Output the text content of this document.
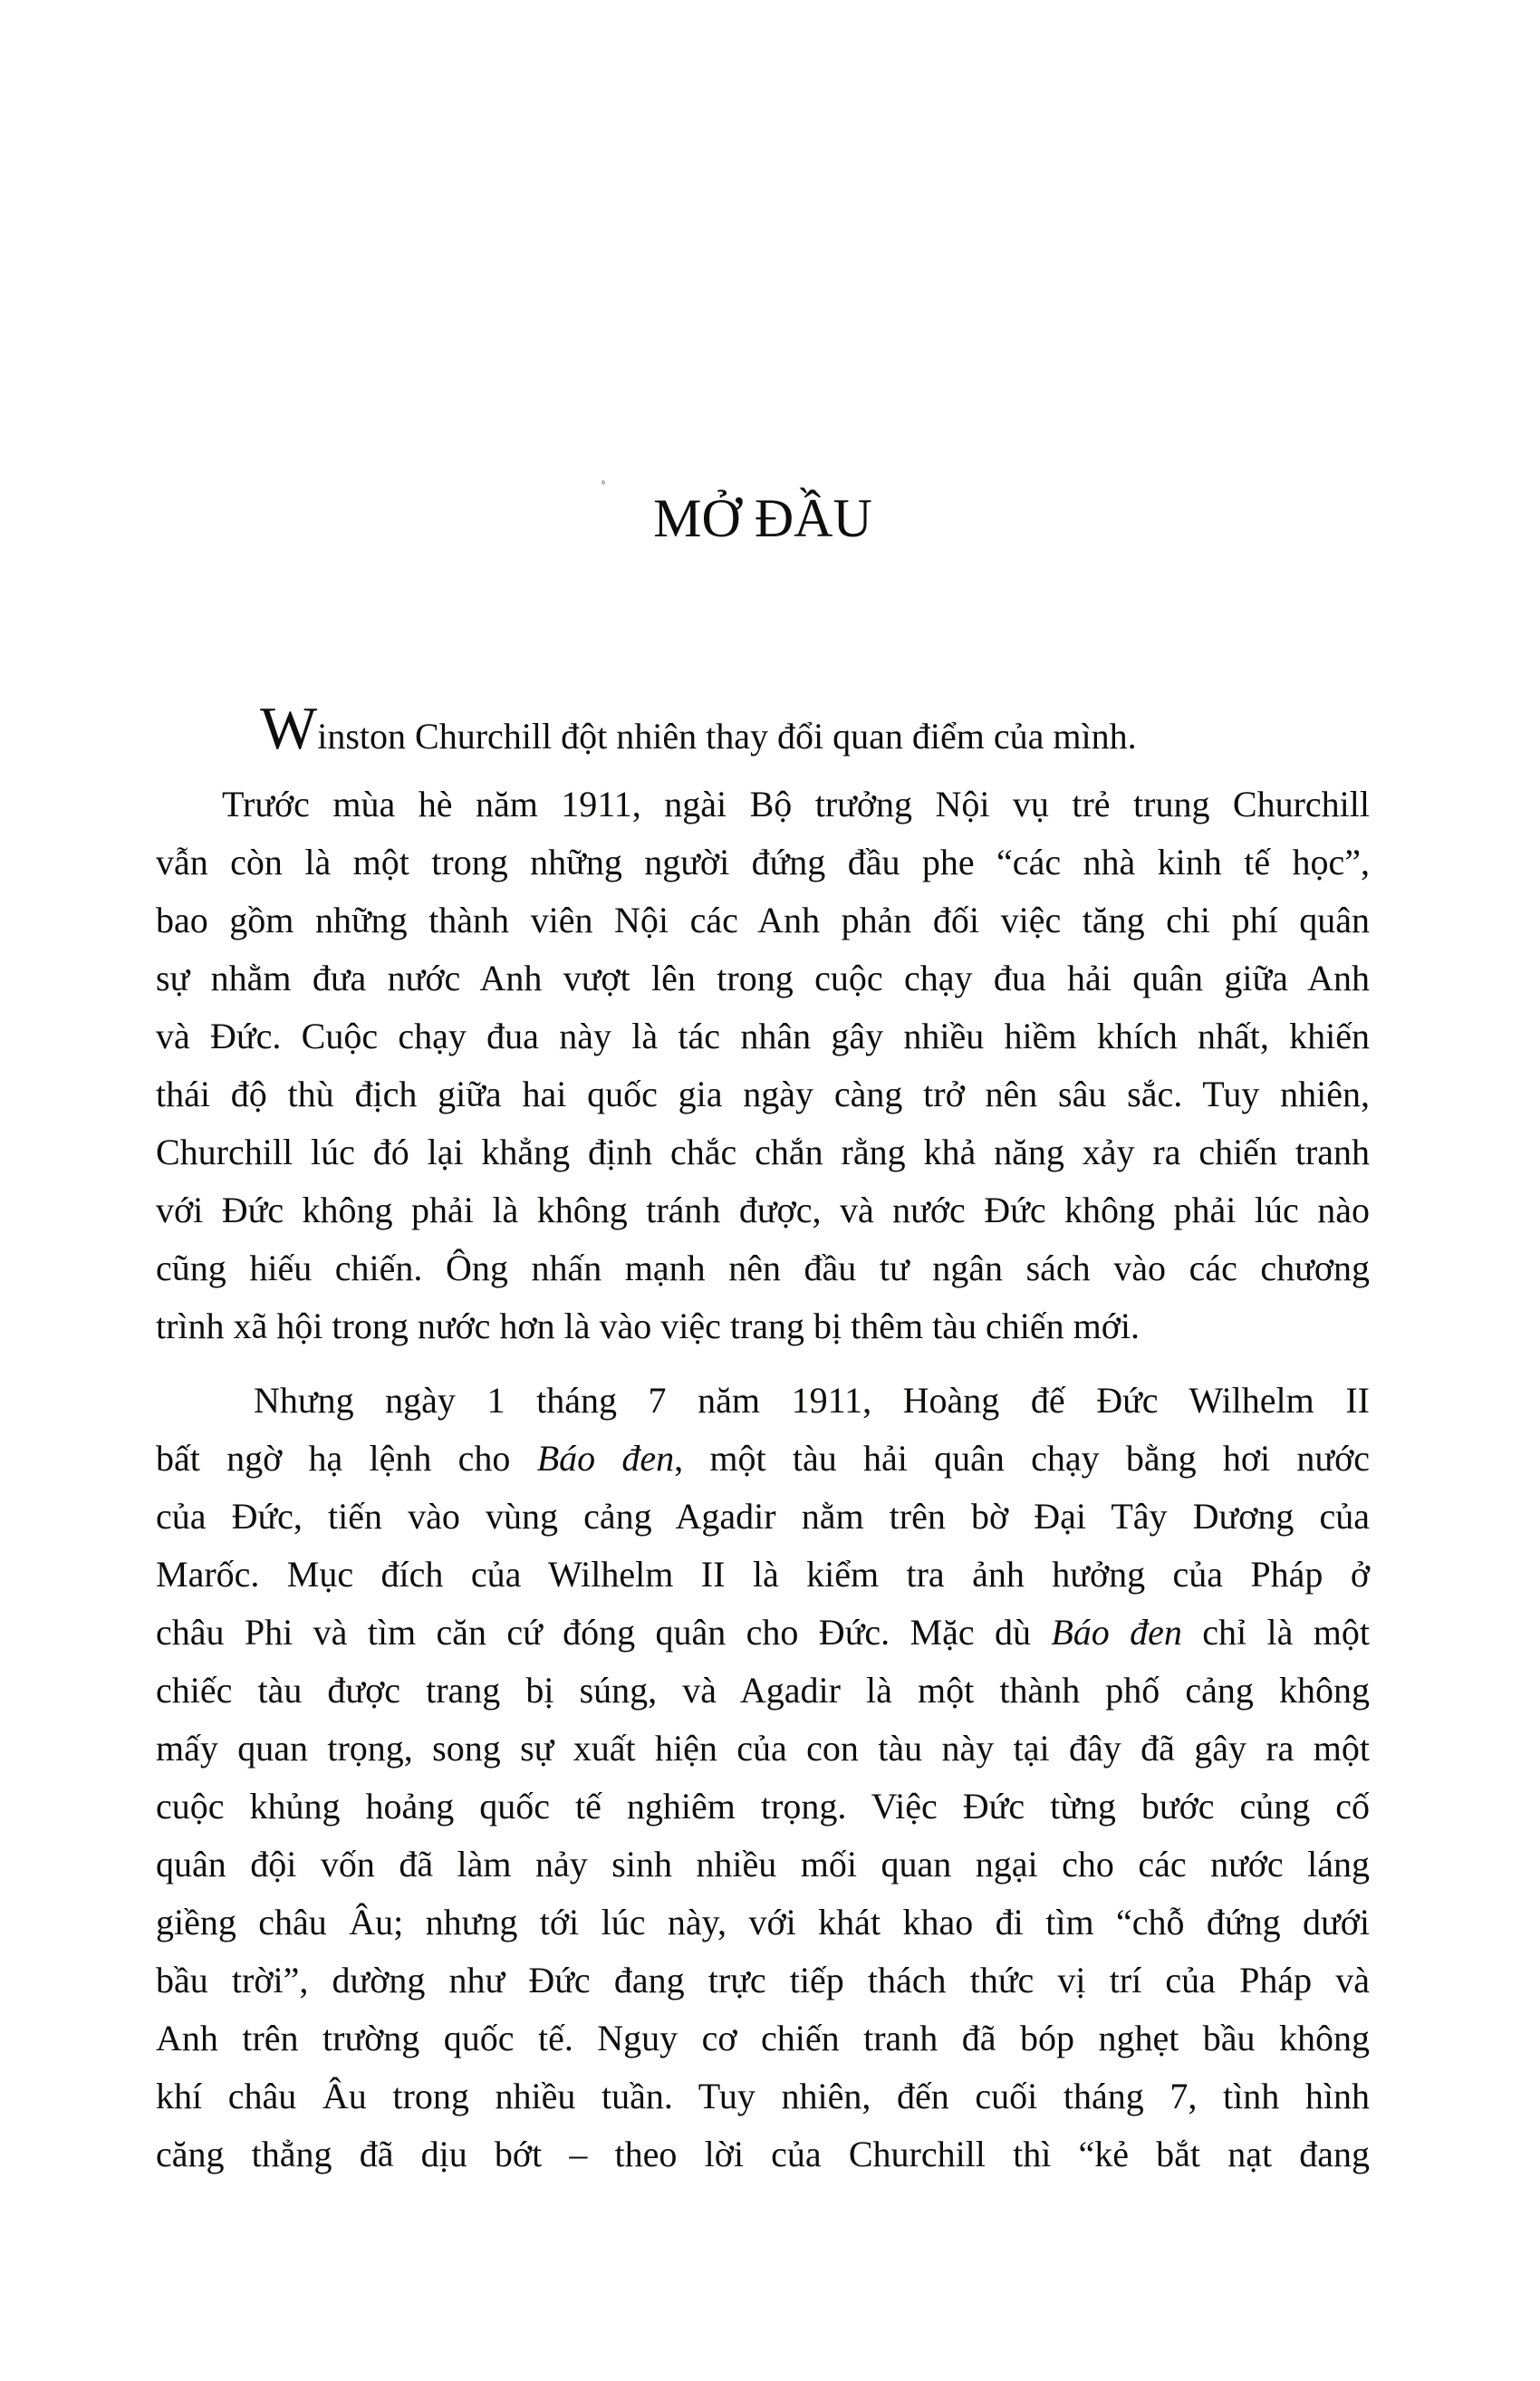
MỞ ĐẦU
Winston Churchill đột nhiên thay đổi quan điểm của mình.
Trước mùa hè năm 1911, ngài Bộ trưởng Nội vụ trẻ trung Churchill
vẫn còn là một trong những người đứng đầu phe “các nhà kinh tế học”,
bao gồm những thành viên Nội các Anh phản đối việc tăng chi phí quân
sự nhằm đưa nước Anh vượt lên trong cuộc chạy đua hải quân giữa Anh
và Đức. Cuộc chạy đua này là tác nhân gây nhiều hiềm khích nhất, khiến
thái độ thù địch giữa hai quốc gia ngày càng trở nên sâu sắc. Tuy nhiên,
Churchill lúc đó lại khẳng định chắc chắn rằng khả năng xảy ra chiến tranh
với Đức không phải là không tránh được, và nước Đức không phải lúc nào
cũng hiếu chiến. Ông nhấn mạnh nên đầu tư ngân sách vào các chương
trình xã hội trong nước hơn là vào việc trang bị thêm tàu chiến mới.
Nhưng ngày 1 tháng 7 năm 1911, Hoàng đế Đức Wilhelm II
bất ngờ hạ lệnh cho Báo đen, một tàu hải quân chạy bằng hơi nước
của Đức, tiến vào vùng cảng Agadir nằm trên bờ Đại Tây Dương của
Marốc. Mục đích của Wilhelm II là kiểm tra ảnh hưởng của Pháp ở
châu Phi và tìm căn cứ đóng quân cho Đức. Mặc dù Báo đen chỉ là một
chiếc tàu được trang bị súng, và Agadir là một thành phố cảng không
mấy quan trọng, song sự xuất hiện của con tàu này tại đây đã gây ra một
cuộc khủng hoảng quốc tế nghiêm trọng. Việc Đức từng bước củng cố
quân đội vốn đã làm nảy sinh nhiều mối quan ngại cho các nước láng
giềng châu Âu; nhưng tới lúc này, với khát khao đi tìm “chỗ đứng dưới
bầu trời”, dường như Đức đang trực tiếp thách thức vị trí của Pháp và
Anh trên trường quốc tế. Nguy cơ chiến tranh đã bóp nghẹt bầu không
khí châu Âu trong nhiều tuần. Tuy nhiên, đến cuối tháng 7, tình hình
căng thẳng đã dịu bớt – theo lời của Churchill thì “kẻ bắt nạt đang
